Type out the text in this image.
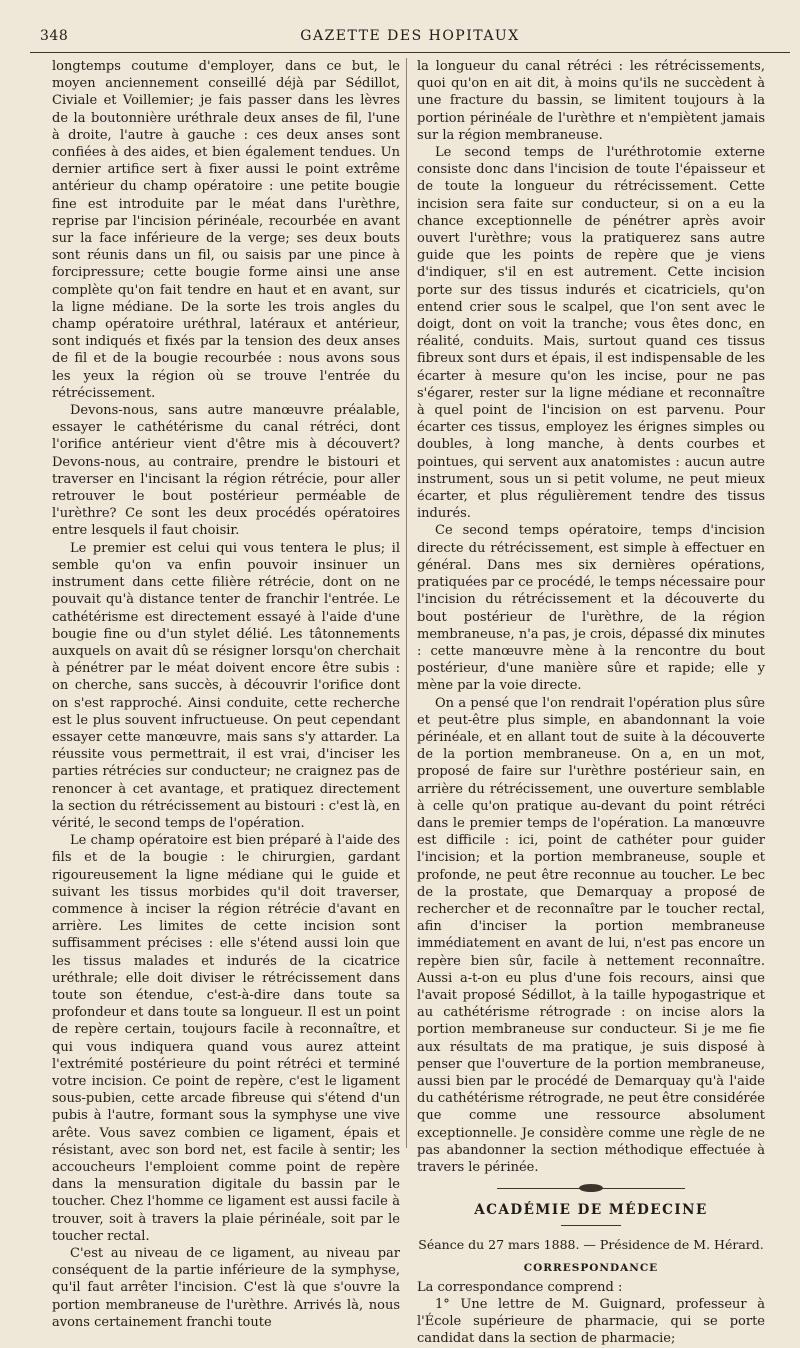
348	GAZETTE DES HOPITAUX

longtemps coutume d'employer, dans ce but, le moyen anciennement conseillé déjà par Sédillot, Civiale et Voillemier; je fais passer dans les lèvres de la boutonnière uréthrale deux anses de fil, l'une à droite, l'autre à gauche : ces deux anses sont confiées à des aides, et bien également tendues. Un dernier artifice sert à fixer aussi le point extrême antérieur du champ opératoire : une petite bougie fine est introduite par le méat dans l'urèthre, reprise par l'incision périnéale, recourbée en avant sur la face inférieure de la verge; ses deux bouts sont réunis dans un fil, ou saisis par une pince à forcipressure; cette bougie forme ainsi une anse complète qu'on fait tendre en haut et en avant, sur la ligne médiane. De la sorte les trois angles du champ opératoire uréthral, latéraux et antérieur, sont indiqués et fixés par la tension des deux anses de fil et de la bougie recourbée : nous avons sous les yeux la région où se trouve l'entrée du rétrécissement.

Devons-nous, sans autre manœuvre préalable, essayer le cathétérisme du canal rétréci, dont l'orifice antérieur vient d'être mis à découvert? Devons-nous, au contraire, prendre le bistouri et traverser en l'incisant la région rétrécie, pour aller retrouver le bout postérieur perméable de l'urèthre? Ce sont les deux procédés opératoires entre lesquels il faut choisir.

Le premier est celui qui vous tentera le plus; il semble qu'on va enfin pouvoir insinuer un instrument dans cette filière rétrécie, dont on ne pouvait qu'à distance tenter de franchir l'entrée. Le cathétérisme est directement essayé à l'aide d'une bougie fine ou d'un stylet délié. Les tâtonnements auxquels on avait dû se résigner lorsqu'on cherchait à pénétrer par le méat doivent encore être subis : on cherche, sans succès, à découvrir l'orifice dont on s'est rapproché. Ainsi conduite, cette recherche est le plus souvent infructueuse. On peut cependant essayer cette manœuvre, mais sans s'y attarder. La réussite vous permettrait, il est vrai, d'inciser les parties rétrécies sur conducteur; ne craignez pas de renoncer à cet avantage, et pratiquez directement la section du rétrécissement au bistouri : c'est là, en vérité, le second temps de l'opération.

Le champ opératoire est bien préparé à l'aide des fils et de la bougie : le chirurgien, gardant rigoureusement la ligne médiane qui le guide et suivant les tissus morbides qu'il doit traverser, commence à inciser la région rétrécie d'avant en arrière. Les limites de cette incision sont suffisamment précises : elle s'étend aussi loin que les tissus malades et indurés de la cicatrice uréthrale; elle doit diviser le rétrécissement dans toute son étendue, c'est-à-dire dans toute sa profondeur et dans toute sa longueur. Il est un point de repère certain, toujours facile à reconnaître, et qui vous indiquera quand vous aurez atteint l'extrémité postérieure du point rétréci et terminé votre incision. Ce point de repère, c'est le ligament sous-pubien, cette arcade fibreuse qui s'étend d'un pubis à l'autre, formant sous la symphyse une vive arête. Vous savez combien ce ligament, épais et résistant, avec son bord net, est facile à sentir; les accoucheurs l'emploient comme point de repère dans la mensuration digitale du bassin par le toucher. Chez l'homme ce ligament est aussi facile à trouver, soit à travers la plaie périnéale, soit par le toucher rectal.

C'est au niveau de ce ligament, au niveau par conséquent de la partie inférieure de la symphyse, qu'il faut arrêter l'incision. C'est là que s'ouvre la portion membraneuse de l'urèthre. Arrivés là, nous avons certainement franchi toute

la longueur du canal rétréci : les rétrécissements, quoi qu'on en ait dit, à moins qu'ils ne succèdent à une fracture du bassin, se limitent toujours à la portion périnéale de l'urèthre et n'empiètent jamais sur la région membraneuse.

Le second temps de l'uréthrotomie externe consiste donc dans l'incision de toute l'épaisseur et de toute la longueur du rétrécissement. Cette incision sera faite sur conducteur, si on a eu la chance exceptionnelle de pénétrer après avoir ouvert l'urèthre; vous la pratiquerez sans autre guide que les points de repère que je viens d'indiquer, s'il en est autrement. Cette incision porte sur des tissus indurés et cicatriciels, qu'on entend crier sous le scalpel, que l'on sent avec le doigt, dont on voit la tranche; vous êtes donc, en réalité, conduits. Mais, surtout quand ces tissus fibreux sont durs et épais, il est indispensable de les écarter à mesure qu'on les incise, pour ne pas s'égarer, rester sur la ligne médiane et reconnaître à quel point de l'incision on est parvenu. Pour écarter ces tissus, employez les érignes simples ou doubles, à long manche, à dents courbes et pointues, qui servent aux anatomistes : aucun autre instrument, sous un si petit volume, ne peut mieux écarter, et plus régulièrement tendre des tissus indurés.

Ce second temps opératoire, temps d'incision directe du rétrécissement, est simple à effectuer en général. Dans mes six dernières opérations, pratiquées par ce procédé, le temps nécessaire pour l'incision du rétrécissement et la découverte du bout postérieur de l'urèthre, de la région membraneuse, n'a pas, je crois, dépassé dix minutes : cette manœuvre mène à la rencontre du bout postérieur, d'une manière sûre et rapide; elle y mène par la voie directe.

On a pensé que l'on rendrait l'opération plus sûre et peut-être plus simple, en abandonnant la voie périnéale, et en allant tout de suite à la découverte de la portion membraneuse. On a, en un mot, proposé de faire sur l'urèthre postérieur sain, en arrière du rétrécissement, une ouverture semblable à celle qu'on pratique au-devant du point rétréci dans le premier temps de l'opération. La manœuvre est difficile : ici, point de cathéter pour guider l'incision; et la portion membraneuse, souple et profonde, ne peut être reconnue au toucher. Le bec de la prostate, que Demarquay a proposé de rechercher et de reconnaître par le toucher rectal, afin d'inciser la portion membraneuse immédiatement en avant de lui, n'est pas encore un repère bien sûr, facile à nettement reconnaître. Aussi a-t-on eu plus d'une fois recours, ainsi que l'avait proposé Sédillot, à la taille hypogastrique et au cathétérisme rétrograde : on incise alors la portion membraneuse sur conducteur. Si je me fie aux résultats de ma pratique, je suis disposé à penser que l'ouverture de la portion membraneuse, aussi bien par le procédé de Demarquay qu'à l'aide du cathétérisme rétrograde, ne peut être considérée que comme une ressource absolument exceptionnelle. Je considère comme une règle de ne pas abandonner la section méthodique effectuée à travers le périnée.

ACADÉMIE DE MÉDECINE

Séance du 27 mars 1888. — Présidence de M. Hérard.

CORRESPONDANCE

La correspondance comprend :

1° Une lettre de M. Guignard, professeur à l'École supérieure de pharmacie, qui se porte candidat dans la section de pharmacie;
